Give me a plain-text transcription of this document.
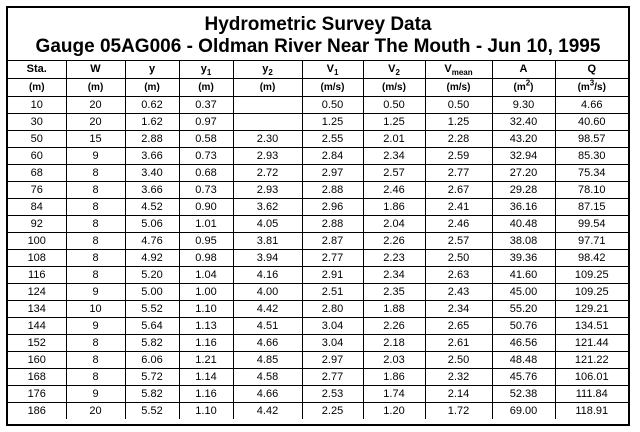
Hydrometric Survey Data
Gauge 05AG006 - Oldman River Near The Mouth - Jun 10, 1995
Sta.	W	y	$y_1$	$y_2$	$V_1$	$V_2$	$V_{mean}$	A	Q
(m)	(m)	(m)	(m)	(m)	(m/s)	(m/s)	(m/s)	$(m^2)$	$(m^3/s)$
10	20	0.62	0.37		0.50	0.50	0.50	9.30	4.66
30	20	1.62	0.97		1.25	1.25	1.25	32.40	40.60
50	15	2.88	0.58	2.30	2.55	2.01	2.28	43.20	98.57
60	9	3.66	0.73	2.93	2.84	2.34	2.59	32.94	85.30
68	8	3.40	0.68	2.72	2.97	2.57	2.77	27.20	75.34
76	8	3.66	0.73	2.93	2.88	2.46	2.67	29.28	78.10
84	8	4.52	0.90	3.62	2.96	1.86	2.41	36.16	87.15
92	8	5.06	1.01	4.05	2.88	2.04	2.46	40.48	99.54
100	8	4.76	0.95	3.81	2.87	2.26	2.57	38.08	97.71
108	8	4.92	0.98	3.94	2.77	2.23	2.50	39.36	98.42
116	8	5.20	1.04	4.16	2.91	2.34	2.63	41.60	109.25
124	9	5.00	1.00	4.00	2.51	2.35	2.43	45.00	109.25
134	10	5.52	1.10	4.42	2.80	1.88	2.34	55.20	129.21
144	9	5.64	1.13	4.51	3.04	2.26	2.65	50.76	134.51
152	8	5.82	1.16	4.66	3.04	2.18	2.61	46.56	121.44
160	8	6.06	1.21	4.85	2.97	2.03	2.50	48.48	121.22
168	8	5.72	1.14	4.58	2.77	1.86	2.32	45.76	106.01
176	9	5.82	1.16	4.66	2.53	1.74	2.14	52.38	111.84
186	20	5.52	1.10	4.42	2.25	1.20	1.72	69.00	118.91
